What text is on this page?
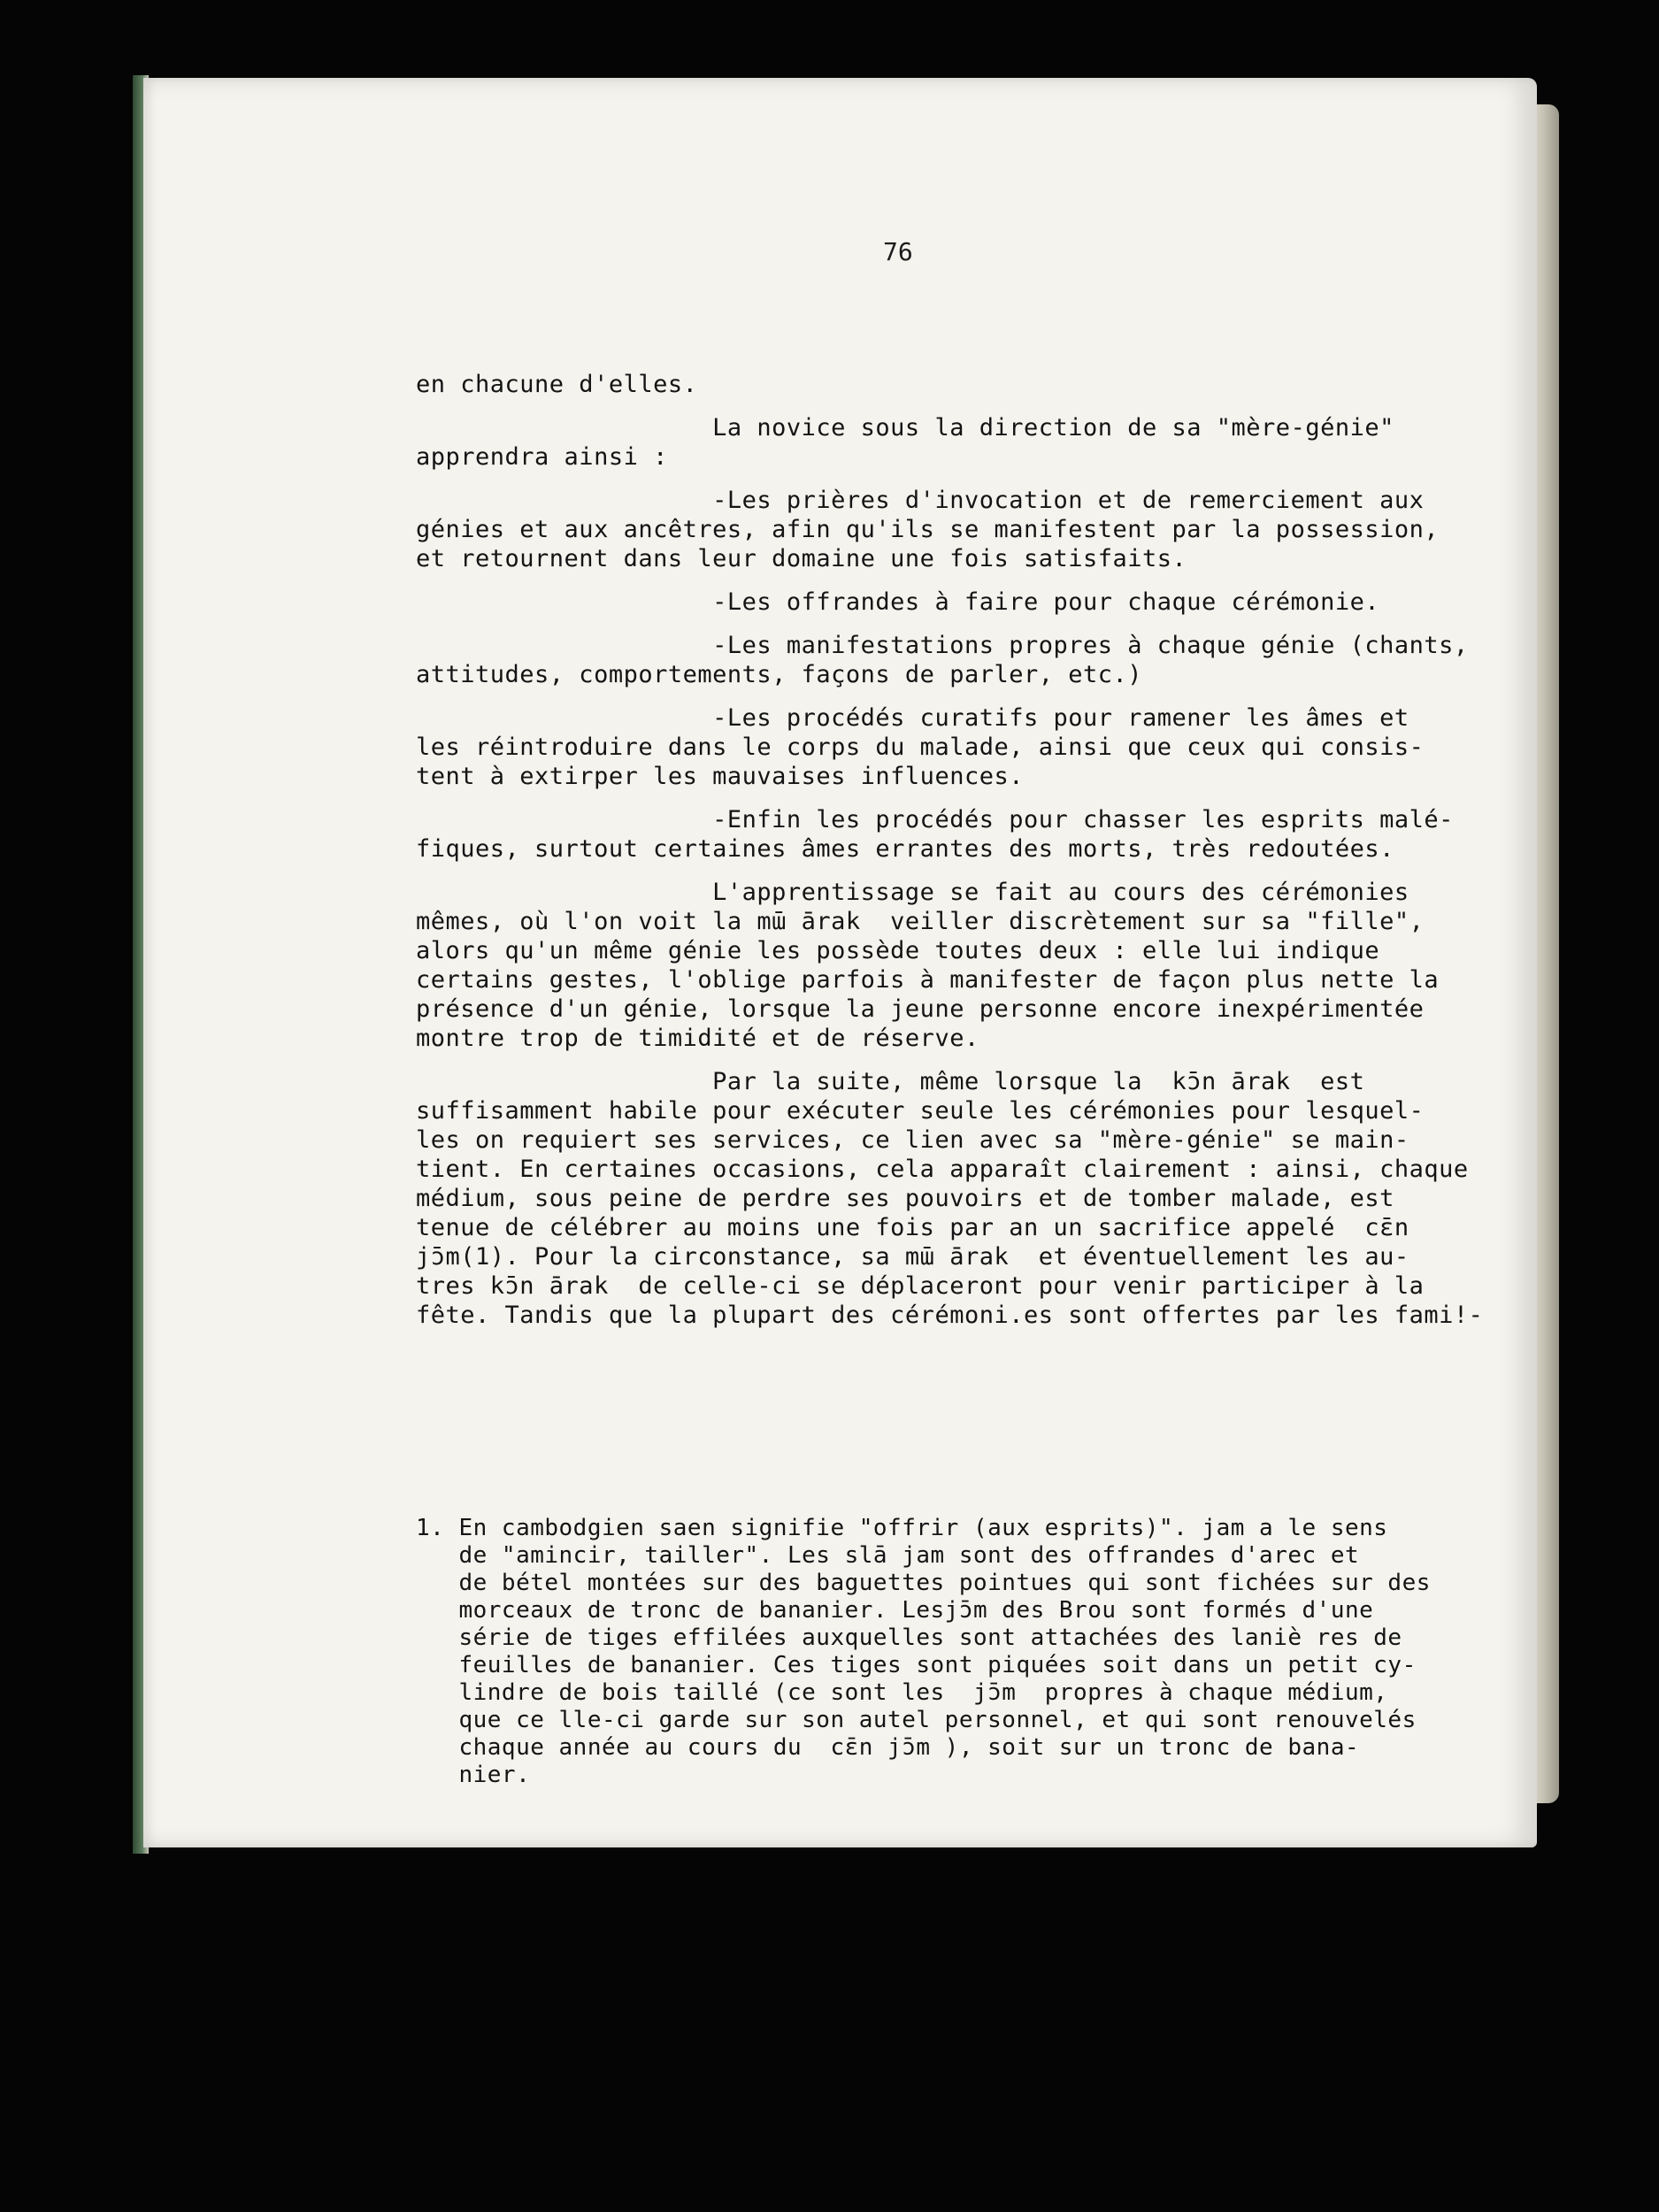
76

en chacune d'elles.

La novice sous la direction de sa "mère-génie"
apprendra ainsi :

-Les prières d'invocation et de remerciement aux
génies et aux ancêtres, afin qu'ils se manifestent par la possession,
et retournent dans leur domaine une fois satisfaits.

-Les offrandes à faire pour chaque cérémonie.

-Les manifestations propres à chaque génie (chants,
attitudes, comportements, façons de parler, etc.)

-Les procédés curatifs pour ramener les âmes et
les réintroduire dans le corps du malade, ainsi que ceux qui consis-
tent à extirper les mauvaises influences.

-Enfin les procédés pour chasser les esprits malé-
fiques, surtout certaines âmes errantes des morts, très redoutées.

L'apprentissage se fait au cours des cérémonies
mêmes, où l'on voit la mɯ̄ ārak  veiller discrètement sur sa "fille",
alors qu'un même génie les possède toutes deux : elle lui indique
certains gestes, l'oblige parfois à manifester de façon plus nette la
présence d'un génie, lorsque la jeune personne encore inexpérimentée
montre trop de timidité et de réserve.

Par la suite, même lorsque la  kɔ̄n ārak  est
suffisamment habile pour exécuter seule les cérémonies pour lesquel-
les on requiert ses services, ce lien avec sa "mère-génie" se main-
tient. En certaines occasions, cela apparaît clairement : ainsi, chaque
médium, sous peine de perdre ses pouvoirs et de tomber malade, est
tenue de célébrer au moins une fois par an un sacrifice appelé  cɛ̄n
jɔ̄m(1). Pour la circonstance, sa mɯ̄ ārak  et éventuellement les au-
tres kɔ̄n ārak  de celle-ci se déplaceront pour venir participer à la
fête. Tandis que la plupart des cérémoni.es sont offertes par les fami!-

1. En cambodgien saen signifie "offrir (aux esprits)". jam a le sens
de "amincir, tailler". Les slā jam sont des offrandes d'arec et
de bétel montées sur des baguettes pointues qui sont fichées sur des
morceaux de tronc de bananier. Lesjɔ̄m des Brou sont formés d'une
série de tiges effilées auxquelles sont attachées des laniè res de
feuilles de bananier. Ces tiges sont piquées soit dans un petit cy-
lindre de bois taillé (ce sont les  jɔ̄m  propres à chaque médium,
que ce lle-ci garde sur son autel personnel, et qui sont renouvelés
chaque année au cours du  cɛ̄n jɔ̄m ), soit sur un tronc de bana-
nier.
